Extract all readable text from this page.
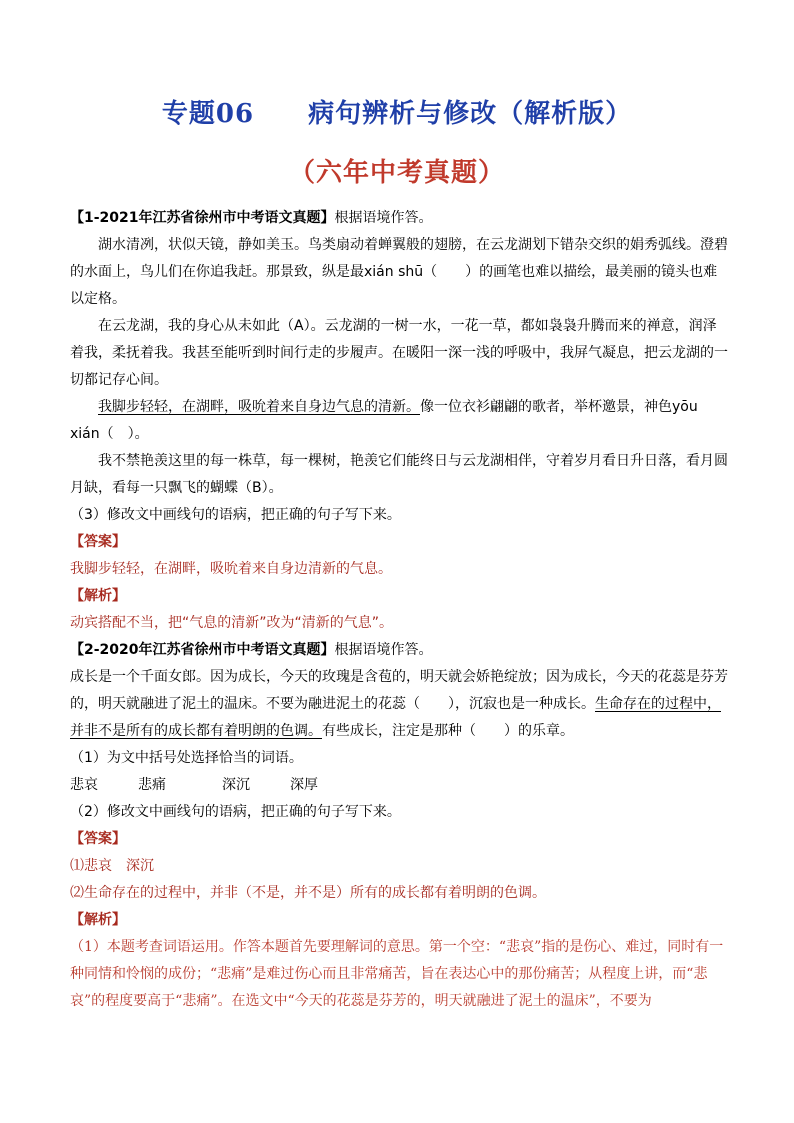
专题06　　病句辨析与修改（解析版）
（六年中考真题）

【1-2021年江苏省徐州市中考语文真题】根据语境作答。

湖水清冽，状似天镜，静如美玉。鸟类扇动着蝉翼般的翅膀，在云龙湖划下错杂交织的娟秀弧线。澄碧的水面上，鸟儿们在你追我赶。那景致，纵是最xián shū（　　）的画笔也难以描绘，最美丽的镜头也难以定格。

在云龙湖，我的身心从未如此（A）。云龙湖的一树一水，一花一草，都如袅袅升腾而来的禅意，润泽着我，柔抚着我。我甚至能听到时间行走的步履声。在暖阳一深一浅的呼吸中，我屏气凝息，把云龙湖的一切都记存心间。

我脚步轻轻，在湖畔，吸吮着来自身边气息的清新。像一位衣衫翩翩的歌者，举杯邀景，神色yōu xián（　）。

我不禁艳羡这里的每一株草，每一棵树，艳羡它们能终日与云龙湖相伴，守着岁月看日升日落，看月圆月缺，看每一只飘飞的蝴蝶（B）。

（3）修改文中画线句的语病，把正确的句子写下来。

【答案】

我脚步轻轻，在湖畔，吸吮着来自身边清新的气息。

【解析】

动宾搭配不当，把“气息的清新”改为“清新的气息”。

【2-2020年江苏省徐州市中考语文真题】根据语境作答。

成长是一个千面女郎。因为成长，今天的玫瑰是含苞的，明天就会娇艳绽放；因为成长，今天的花蕊是芬芳的，明天就融进了泥土的温床。不要为融进泥土的花蕊（　　），沉寂也是一种成长。生命存在的过程中，并非不是所有的成长都有着明朗的色调。有些成长，注定是那种（　　）的乐章。

（1）为文中括号处选择恰当的词语。

悲哀	悲痛	深沉	深厚

（2）修改文中画线句的语病，把正确的句子写下来。

【答案】

⑴悲哀　深沉

⑵生命存在的过程中，并非（不是，并不是）所有的成长都有着明朗的色调。

【解析】

（1）本题考查词语运用。作答本题首先要理解词的意思。第一个空：“悲哀”指的是伤心、难过，同时有一种同情和怜悯的成份；“悲痛”是难过伤心而且非常痛苦，旨在表达心中的那份痛苦；从程度上讲，而“悲哀”的程度要高于“悲痛”。在选文中“今天的花蕊是芬芳的，明天就融进了泥土的温床”，不要为
